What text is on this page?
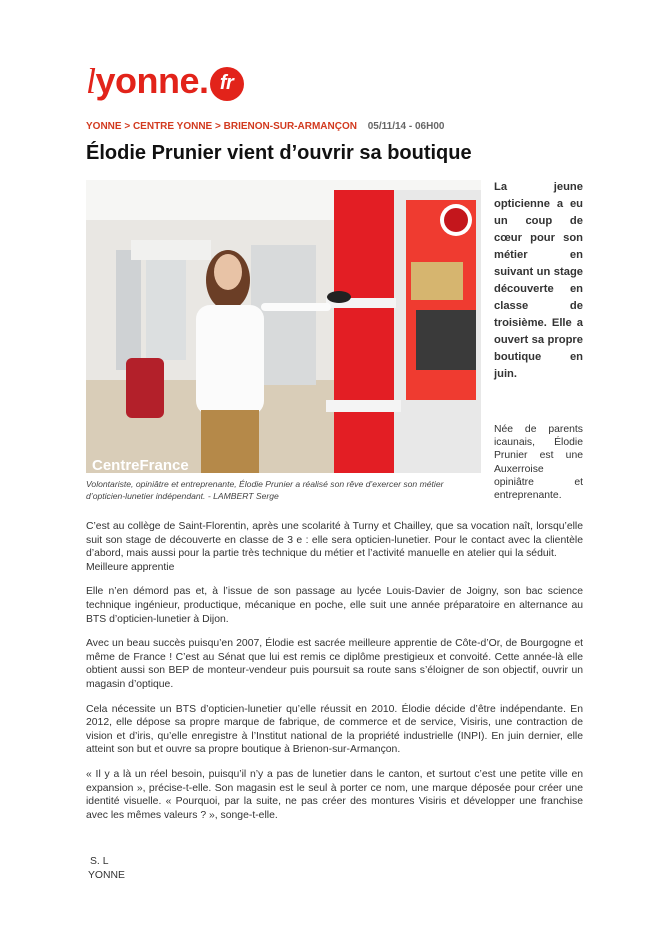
lyonne. fr
YONNE > CENTRE YONNE > BRIENON-SUR-ARMANÇON 05/11/14 - 06H00
Élodie Prunier vient d’ouvrir sa boutique
CentreFrance
Volontariste, opiniâtre et entreprenante, Élodie Prunier a réalisé son rêve d’exercer son métier d’opticien-lunetier indépendant. - LAMBERT Serge
La jeune opticienne a eu un coup de cœur pour son métier en suivant un stage découverte en classe de troisième. Elle a ouvert sa propre boutique en juin.
Née de parents icaunais, Élodie Prunier est une Auxerroise opiniâtre et entreprenante.

C’est au collège de Saint-Florentin, après une scolarité à Turny et Chailley, que sa vocation naît, lorsqu’elle suit son stage de découverte en classe de 3 e : elle sera opticien-lunetier. Pour le contact avec la clientèle d’abord, mais aussi pour la partie très technique du métier et l’activité manuelle en atelier qui la séduit.
Meilleure apprentie

Elle n’en démord pas et, à l’issue de son passage au lycée Louis-Davier de Joigny, son bac science technique ingénieur, productique, mécanique en poche, elle suit une année préparatoire en alternance au BTS d’opticien-lunetier à Dijon.

Avec un beau succès puisqu’en 2007, Élodie est sacrée meilleure apprentie de Côte-d’Or, de Bourgogne et même de France ! C’est au Sénat que lui est remis ce diplôme prestigieux et convoité. Cette année-là elle obtient aussi son BEP de monteur-vendeur puis poursuit sa route sans s’éloigner de son objectif, ouvrir un magasin d’optique.

Cela nécessite un BTS d’opticien-lunetier qu’elle réussit en 2010. Élodie décide d’être indépendante. En 2012, elle dépose sa propre marque de fabrique, de commerce et de service, Visiris, une contraction de vision et d’iris, qu’elle enregistre à l’Institut national de la propriété industrielle (INPI). En juin dernier, elle atteint son but et ouvre sa propre boutique à Brienon-sur-Armançon.

« Il y a là un réel besoin, puisqu’il n’y a pas de lunetier dans le canton, et surtout c’est une petite ville en expansion », précise-t-elle. Son magasin est le seul à porter ce nom, une marque déposée pour créer une identité visuelle. « Pourquoi, par la suite, ne pas créer des montures Visiris et développer une franchise avec les mêmes valeurs ? », songe-t-elle.

S. L
YONNE
